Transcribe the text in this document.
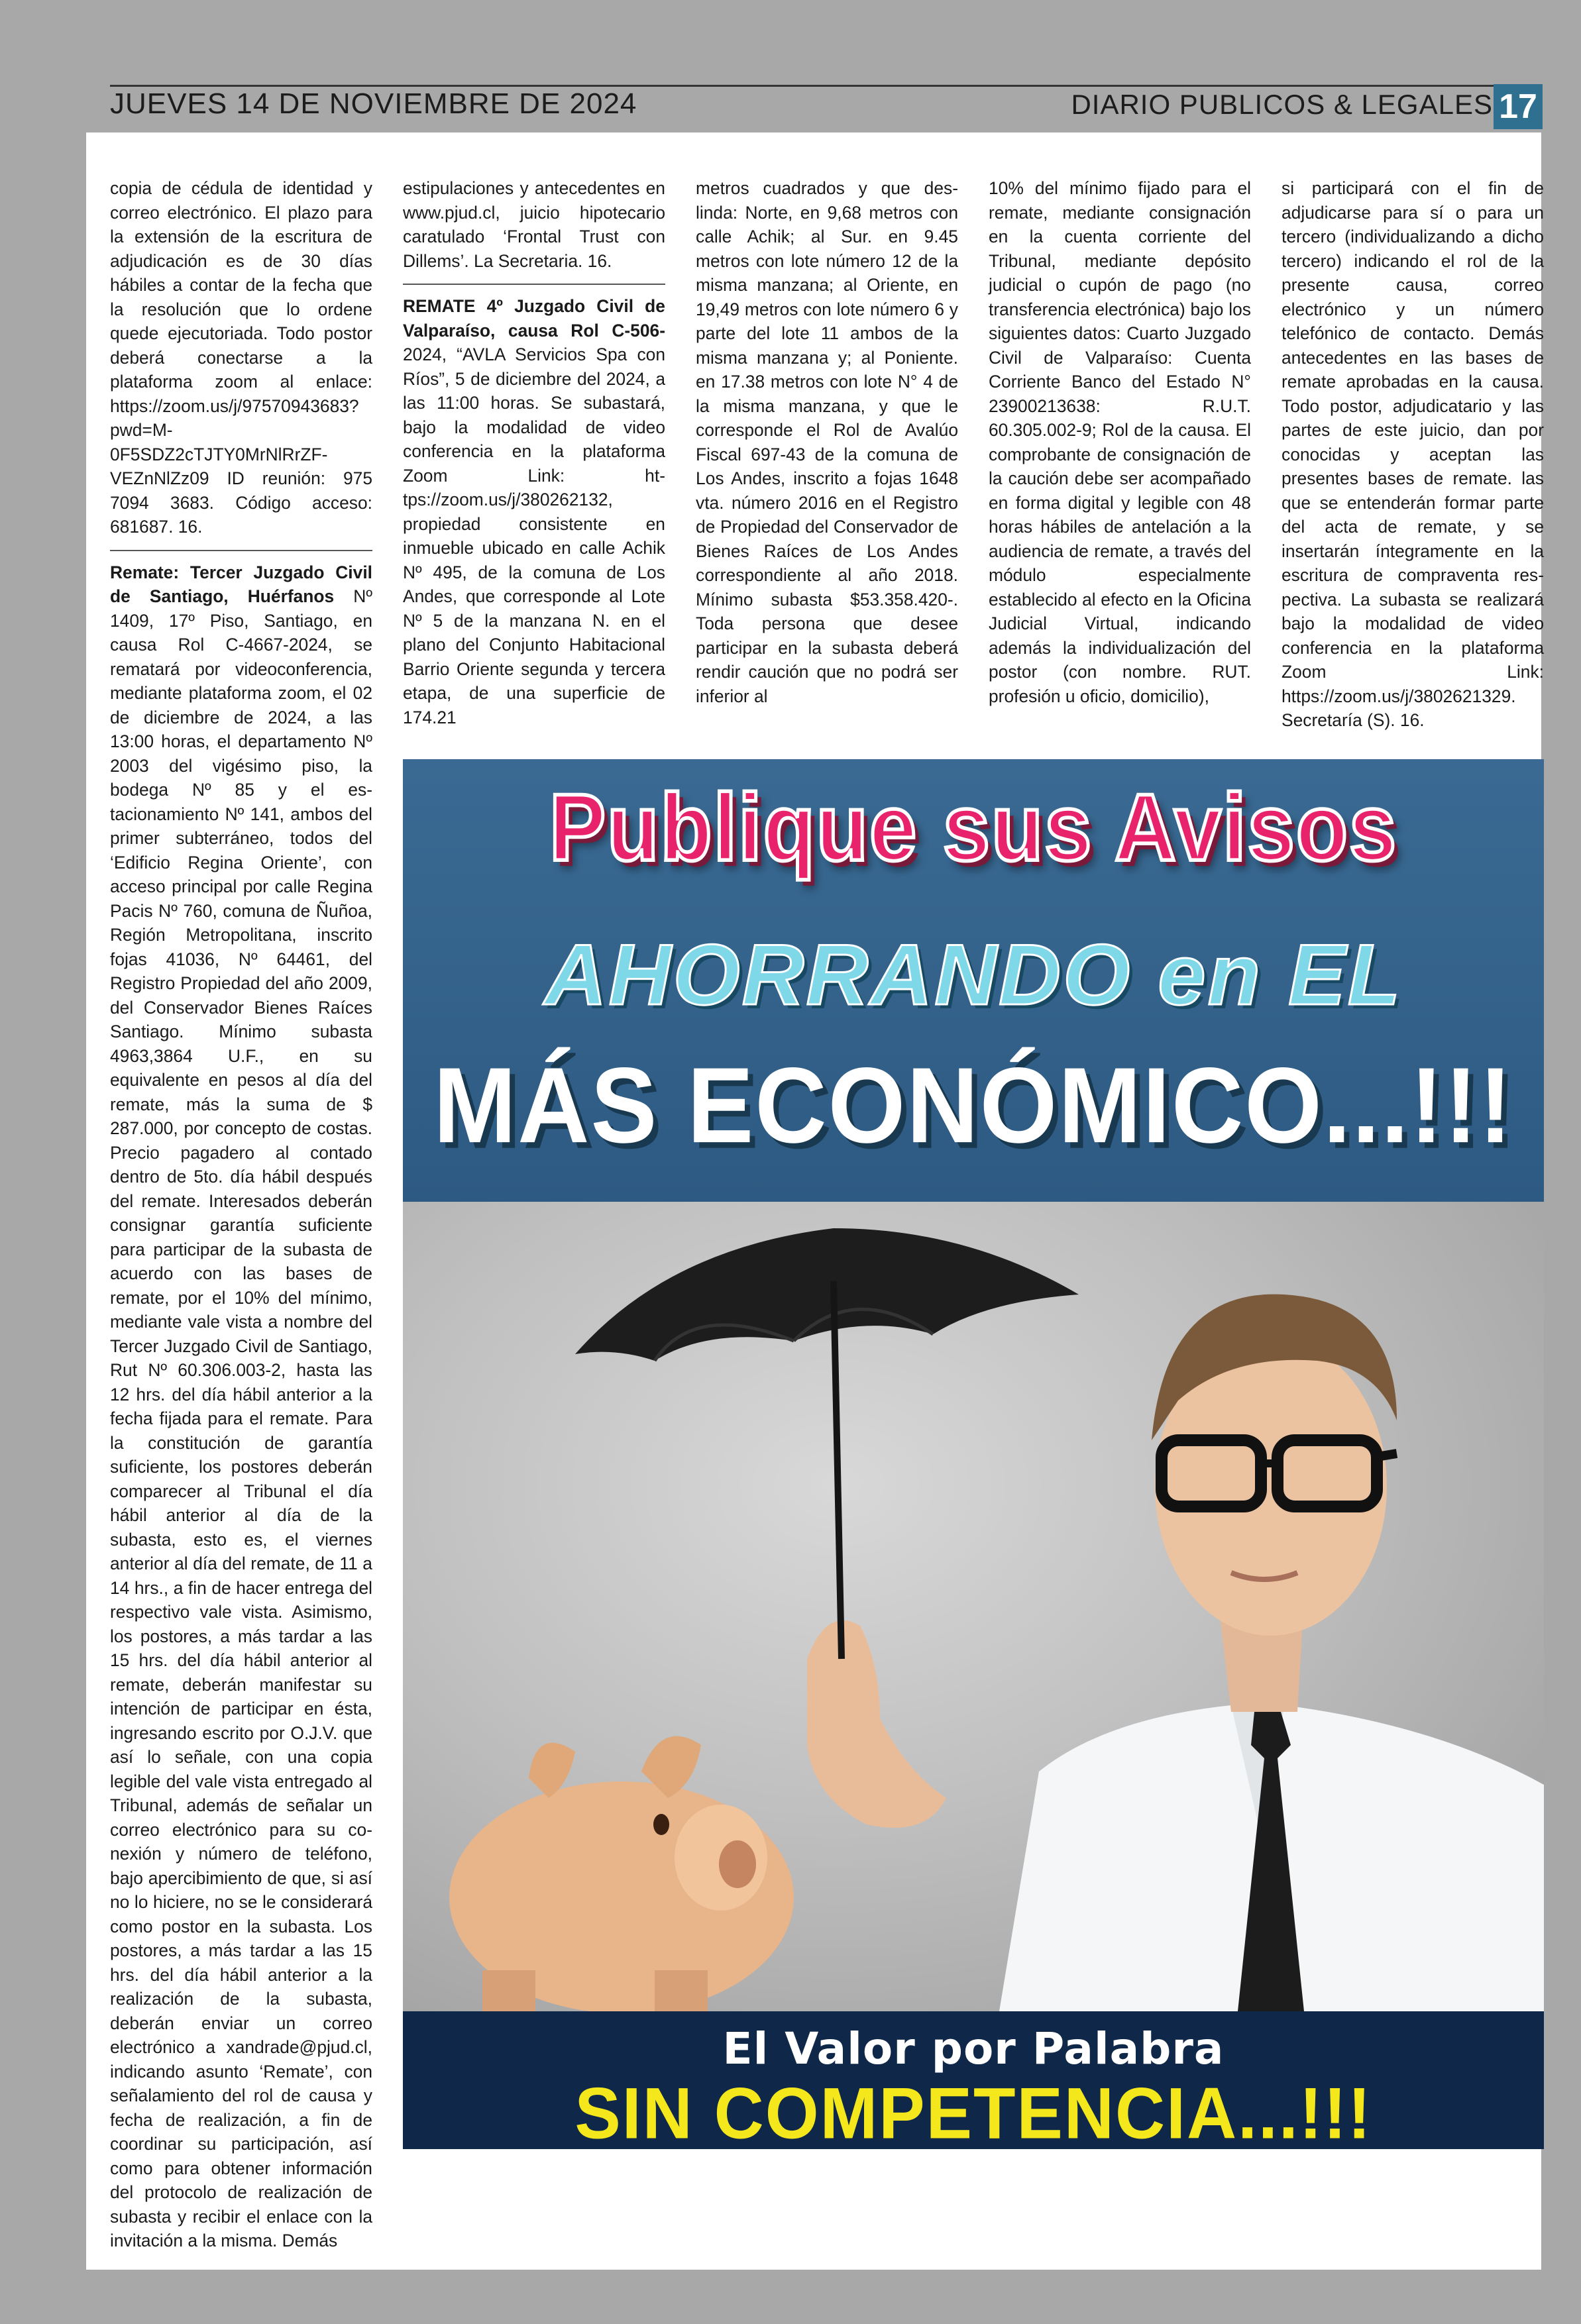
JUEVES 14 DE NOVIEMBRE DE 2024	DIARIO PUBLICOS & LEGALES 17

copia de cédula de identidad y correo electrónico. El plazo para la extensión de la escritura de adjudicación es de 30 días hábiles a contar de la fecha que la resolución que lo ordene quede ejecutoriada. Todo postor deberá conectarse a la plataforma zoom al enlace: https://zoom.us/j/97570943683?pwd=M-0F5SDZ2cTJTY0MrNlRrZF-VEZnNlZz09 ID reunión: 975 7094 3683. Código acceso: 681687. 16.

Remate: Tercer Juzgado Civil de Santiago, Huérfanos Nº 1409, 17º Piso, Santiago, en causa Rol C-4667-2024, se rematará por videoconferencia, mediante plataforma zoom, el 02 de diciembre de 2024, a las 13:00 horas, el departamento Nº 2003 del vigésimo piso, la bodega Nº 85 y el estacionamiento Nº 141, ambos del primer subterráneo, todos del ‘Edificio Regina Oriente’, con acceso principal por calle Regina Pacis Nº 760, comuna de Ñuñoa, Región Metropolitana, inscrito fojas 41036, Nº 64461, del Registro Propiedad del año 2009, del Conservador Bienes Raíces Santiago. Mínimo subasta 4963,3864 U.F., en su equivalente en pesos al día del remate, más la suma de $ 287.000, por concepto de costas. Precio pagadero al contado dentro de 5to. día hábil después del remate. Interesados deberán consignar garantía suficiente para participar de la subasta de acuerdo con las bases de remate, por el 10% del mínimo, mediante vale vista a nombre del Tercer Juzgado Civil de Santiago, Rut Nº 60.306.003-2, hasta las 12 hrs. del día hábil anterior a la fecha fijada para el remate. Para la constitución de garantía suficiente, los postores deberán comparecer al Tribunal el día hábil anterior al día de la subasta, esto es, el viernes anterior al día del remate, de 11 a 14 hrs., a fin de hacer entrega del respectivo vale vista. Asimismo, los postores, a más tardar a las 15 hrs. del día hábil anterior al remate, deberán manifestar su intención de participar en ésta, ingresando escrito por O.J.V. que así lo señale, con una copia legible del vale vista entregado al Tribunal, además de señalar un correo electrónico para su conexión y número de teléfono, bajo apercibimiento de que, si así no lo hiciere, no se le considerará como postor en la subasta. Los postores, a más tardar a las 15 hrs. del día hábil anterior a la realización de la subasta, deberán enviar un correo electrónico a xandrade@pjud.cl, indicando asunto ‘Remate’, con señalamiento del rol de causa y fecha de realización, a fin de coordinar su participación, así como para obtener información del protocolo de realización de subasta y recibir el enlace con la invitación a la misma. Demás

estipulaciones y antecedentes en www.pjud.cl, juicio hipotecario caratulado ‘Frontal Trust con Dillems’. La Secretaria. 16.

REMATE 4º Juzgado Civil de Valparaíso, causa Rol C-506-2024, “AVLA Servicios Spa con Ríos”, 5 de diciembre del 2024, a las 11:00 horas. Se subastará, bajo la modalidad de video conferencia en la plataforma Zoom Link: https://zoom.us/j/380262132, propiedad consistente en inmueble ubicado en calle Achik Nº 495, de la comuna de Los Andes, que corresponde al Lote Nº 5 de la manzana N. en el plano del Conjunto Habitacional Barrio Oriente segunda y tercera etapa, de una superficie de 174.21

metros cuadrados y que deslinda: Norte, en 9,68 metros con calle Achik; al Sur. en 9.45 metros con lote número 12 de la misma manzana; al Oriente, en 19,49 metros con lote número 6 y parte del lote 11 ambos de la misma manzana y; al Poniente. en 17.38 metros con lote N° 4 de la misma manzana, y que le corresponde el Rol de Avalúo Fiscal 697-43 de la comuna de Los Andes, inscrito a fojas 1648 vta. número 2016 en el Registro de Propiedad del Conservador de Bienes Raíces de Los Andes correspondiente al año 2018. Mínimo subasta $53.358.420-. Toda persona que desee participar en la subasta deberá rendir caución que no podrá ser inferior al

10% del mínimo fijado para el remate, mediante consignación en la cuenta corriente del Tribunal, mediante depósito judicial o cupón de pago (no transferencia electrónica) bajo los siguientes datos: Cuarto Juzgado Civil de Valparaíso: Cuenta Corriente Banco del Estado N° 23900213638: R.U.T. 60.305.002-9; Rol de la causa. El comprobante de consignación de la caución debe ser acompañado en forma digital y legible con 48 horas hábiles de antelación a la audiencia de remate, a través del módulo especialmente establecido al efecto en la Oficina Judicial Virtual, indicando además la individualización del postor (con nombre. RUT. profesión u oficio, domicilio),

si participará con el fin de adjudicarse para sí o para un tercero (individualizando a dicho tercero) indicando el rol de la presente causa, correo electrónico y un número telefónico de contacto. Demás antecedentes en las bases de remate aprobadas en la causa. Todo postor, adjudicatario y las partes de este juicio, dan por conocidas y aceptan las presentes bases de remate. las que se entenderán formar parte del acta de remate, y se insertarán íntegramente en la escritura de compraventa respectiva. La subasta se realizará bajo la modalidad de video conferencia en la plataforma Zoom Link: https://zoom.us/j/3802621329. Secretaría (S). 16.

Publique sus Avisos
AHORRANDO en EL
MÁS ECONÓMICO...!!!
El Valor por Palabra
SIN COMPETENCIA...!!!
